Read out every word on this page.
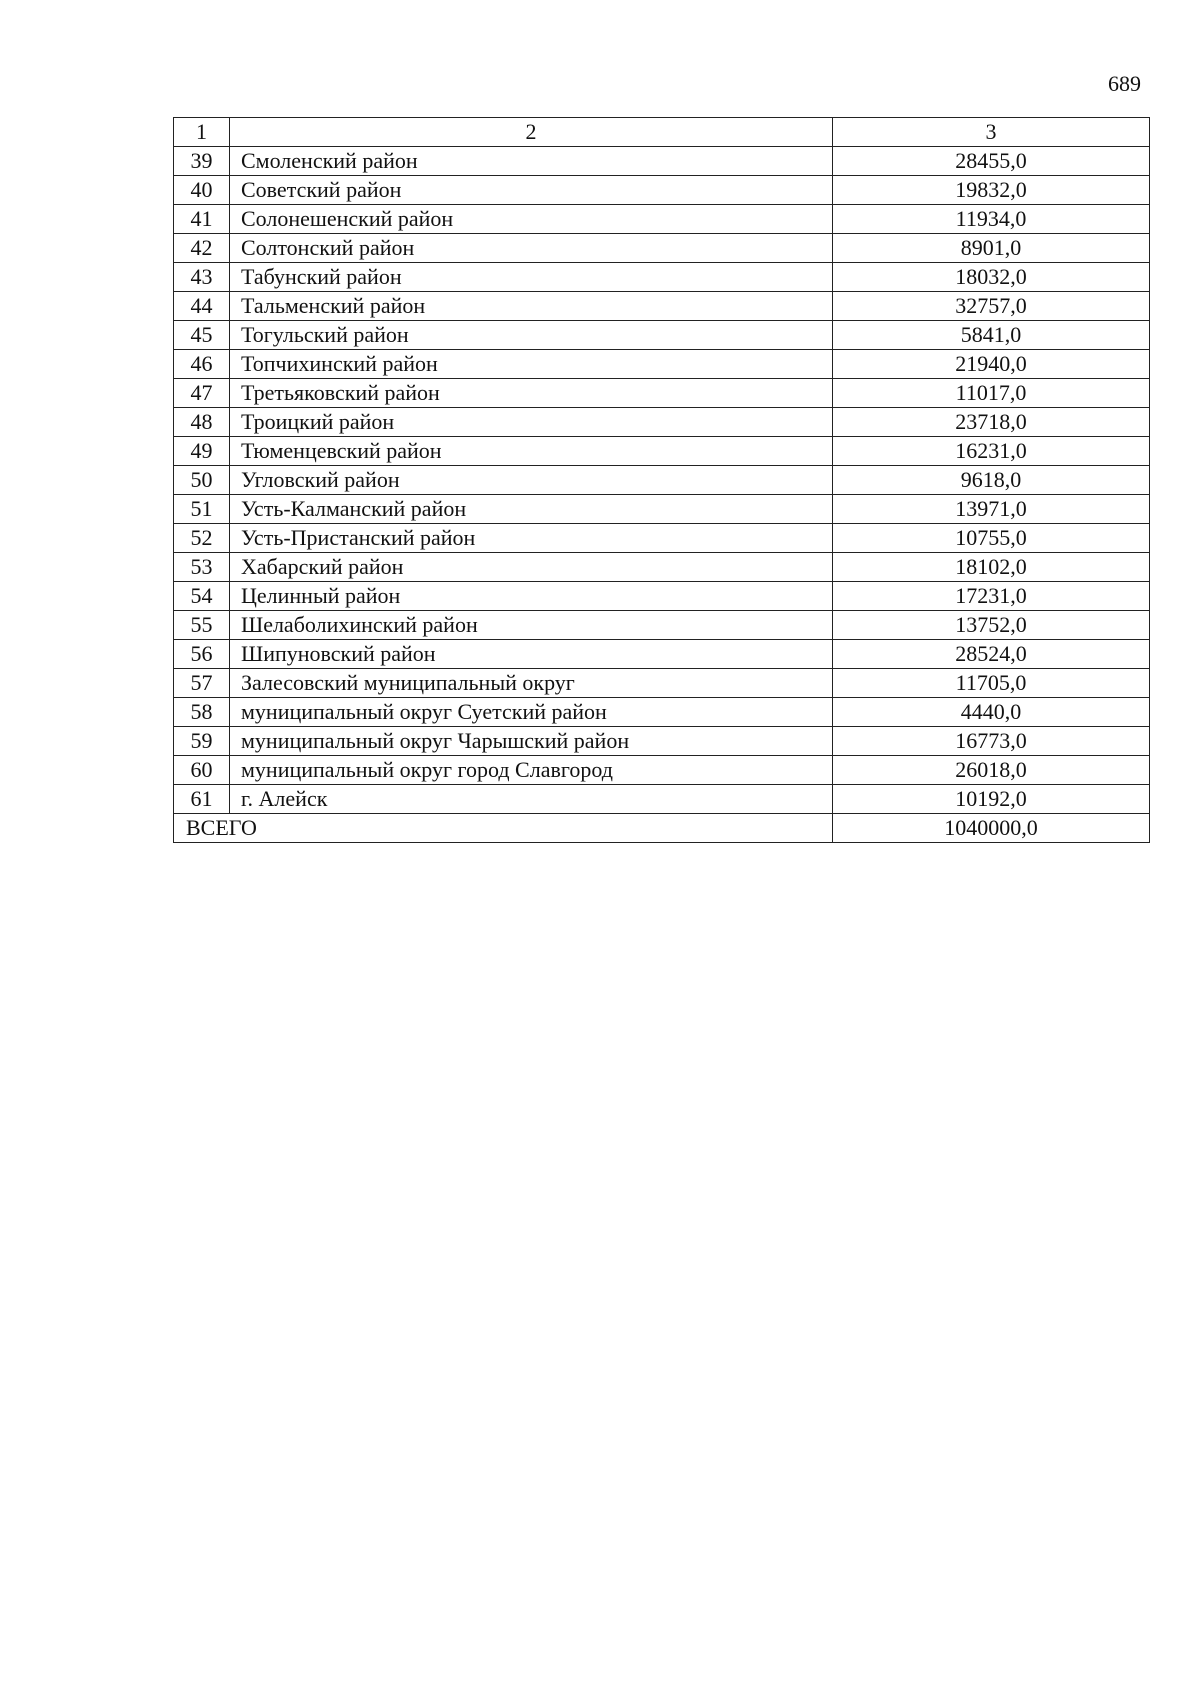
689
1	2	3
39	Смоленский район	28455,0
40	Советский район	19832,0
41	Солонешенский район	11934,0
42	Солтонский район	8901,0
43	Табунский район	18032,0
44	Тальменский район	32757,0
45	Тогульский район	5841,0
46	Топчихинский район	21940,0
47	Третьяковский район	11017,0
48	Троицкий район	23718,0
49	Тюменцевский район	16231,0
50	Угловский район	9618,0
51	Усть-Калманский район	13971,0
52	Усть-Пристанский район	10755,0
53	Хабарский район	18102,0
54	Целинный район	17231,0
55	Шелаболихинский район	13752,0
56	Шипуновский район	28524,0
57	Залесовский муниципальный округ	11705,0
58	муниципальный округ Суетский район	4440,0
59	муниципальный округ Чарышский район	16773,0
60	муниципальный округ город Славгород	26018,0
61	г. Алейск	10192,0
ВСЕГО		1040000,0
